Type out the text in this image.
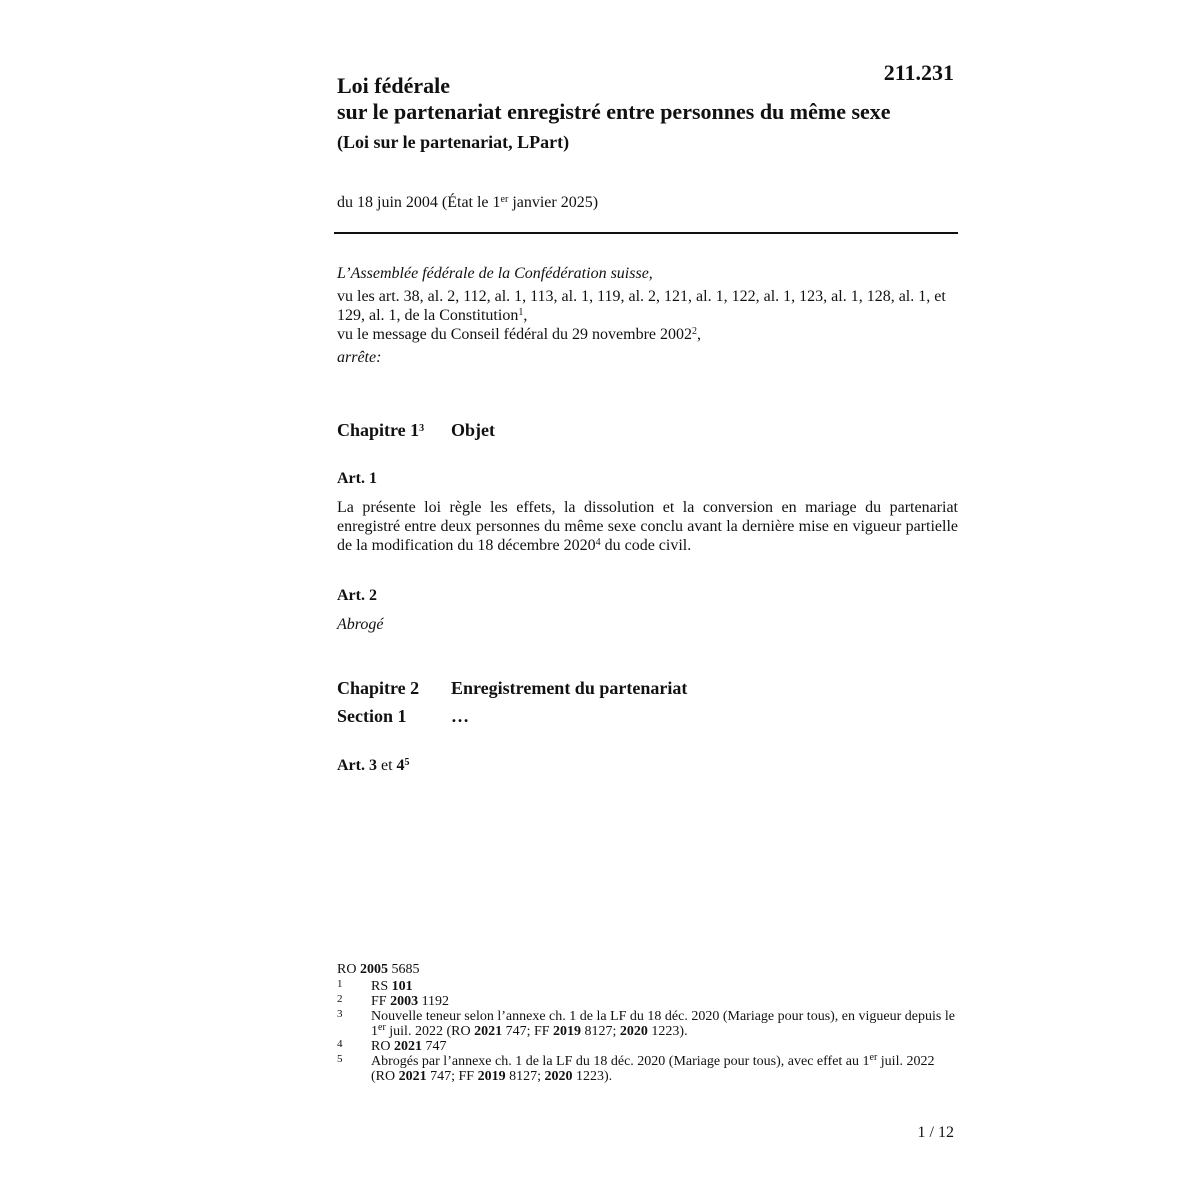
211.231

Loi fédérale

sur le partenariat enregistré entre personnes du même sexe

(Loi sur le partenariat, LPart)

du 18 juin 2004 (État le 1er janvier 2025)

L’Assemblée fédérale de la Confédération suisse,

vu les art. 38, al. 2, 112, al. 1, 113, al. 1, 119, al. 2, 121, al. 1, 122, al. 1, 123, al. 1, 128, al. 1, et 129, al. 1, de la Constitution$^1$,

vu le message du Conseil fédéral du 29 novembre 2002$^2$,

arrête:

Chapitre $1^3$ Objet
Art. 1
La présente loi règle les effets, la dissolution et la conversion en mariage du partenariat enregistré entre deux personnes du même sexe conclu avant la dernière mise en vigueur partielle de la modification du 18 décembre 2020$^4$ du code civil.
Art. 2
Abrogé
Chapitre 2 Enregistrement du partenariat
Section 1 …
Art. 3 et $4^5$

RO 2005 5685

1 RS 101

2 FF 2003 1192

3 Nouvelle teneur selon l’annexe ch. 1 de la LF du 18 déc. 2020 (Mariage pour tous), en vigueur depuis le 1er juil. 2022 (RO 2021 747; FF 2019 8127; 2020 1223).

4 RO 2021 747

5 Abrogés par l’annexe ch. 1 de la LF du 18 déc. 2020 (Mariage pour tous), avec effet au 1er juil. 2022 (RO 2021 747; FF 2019 8127; 2020 1223).

1 / 12
